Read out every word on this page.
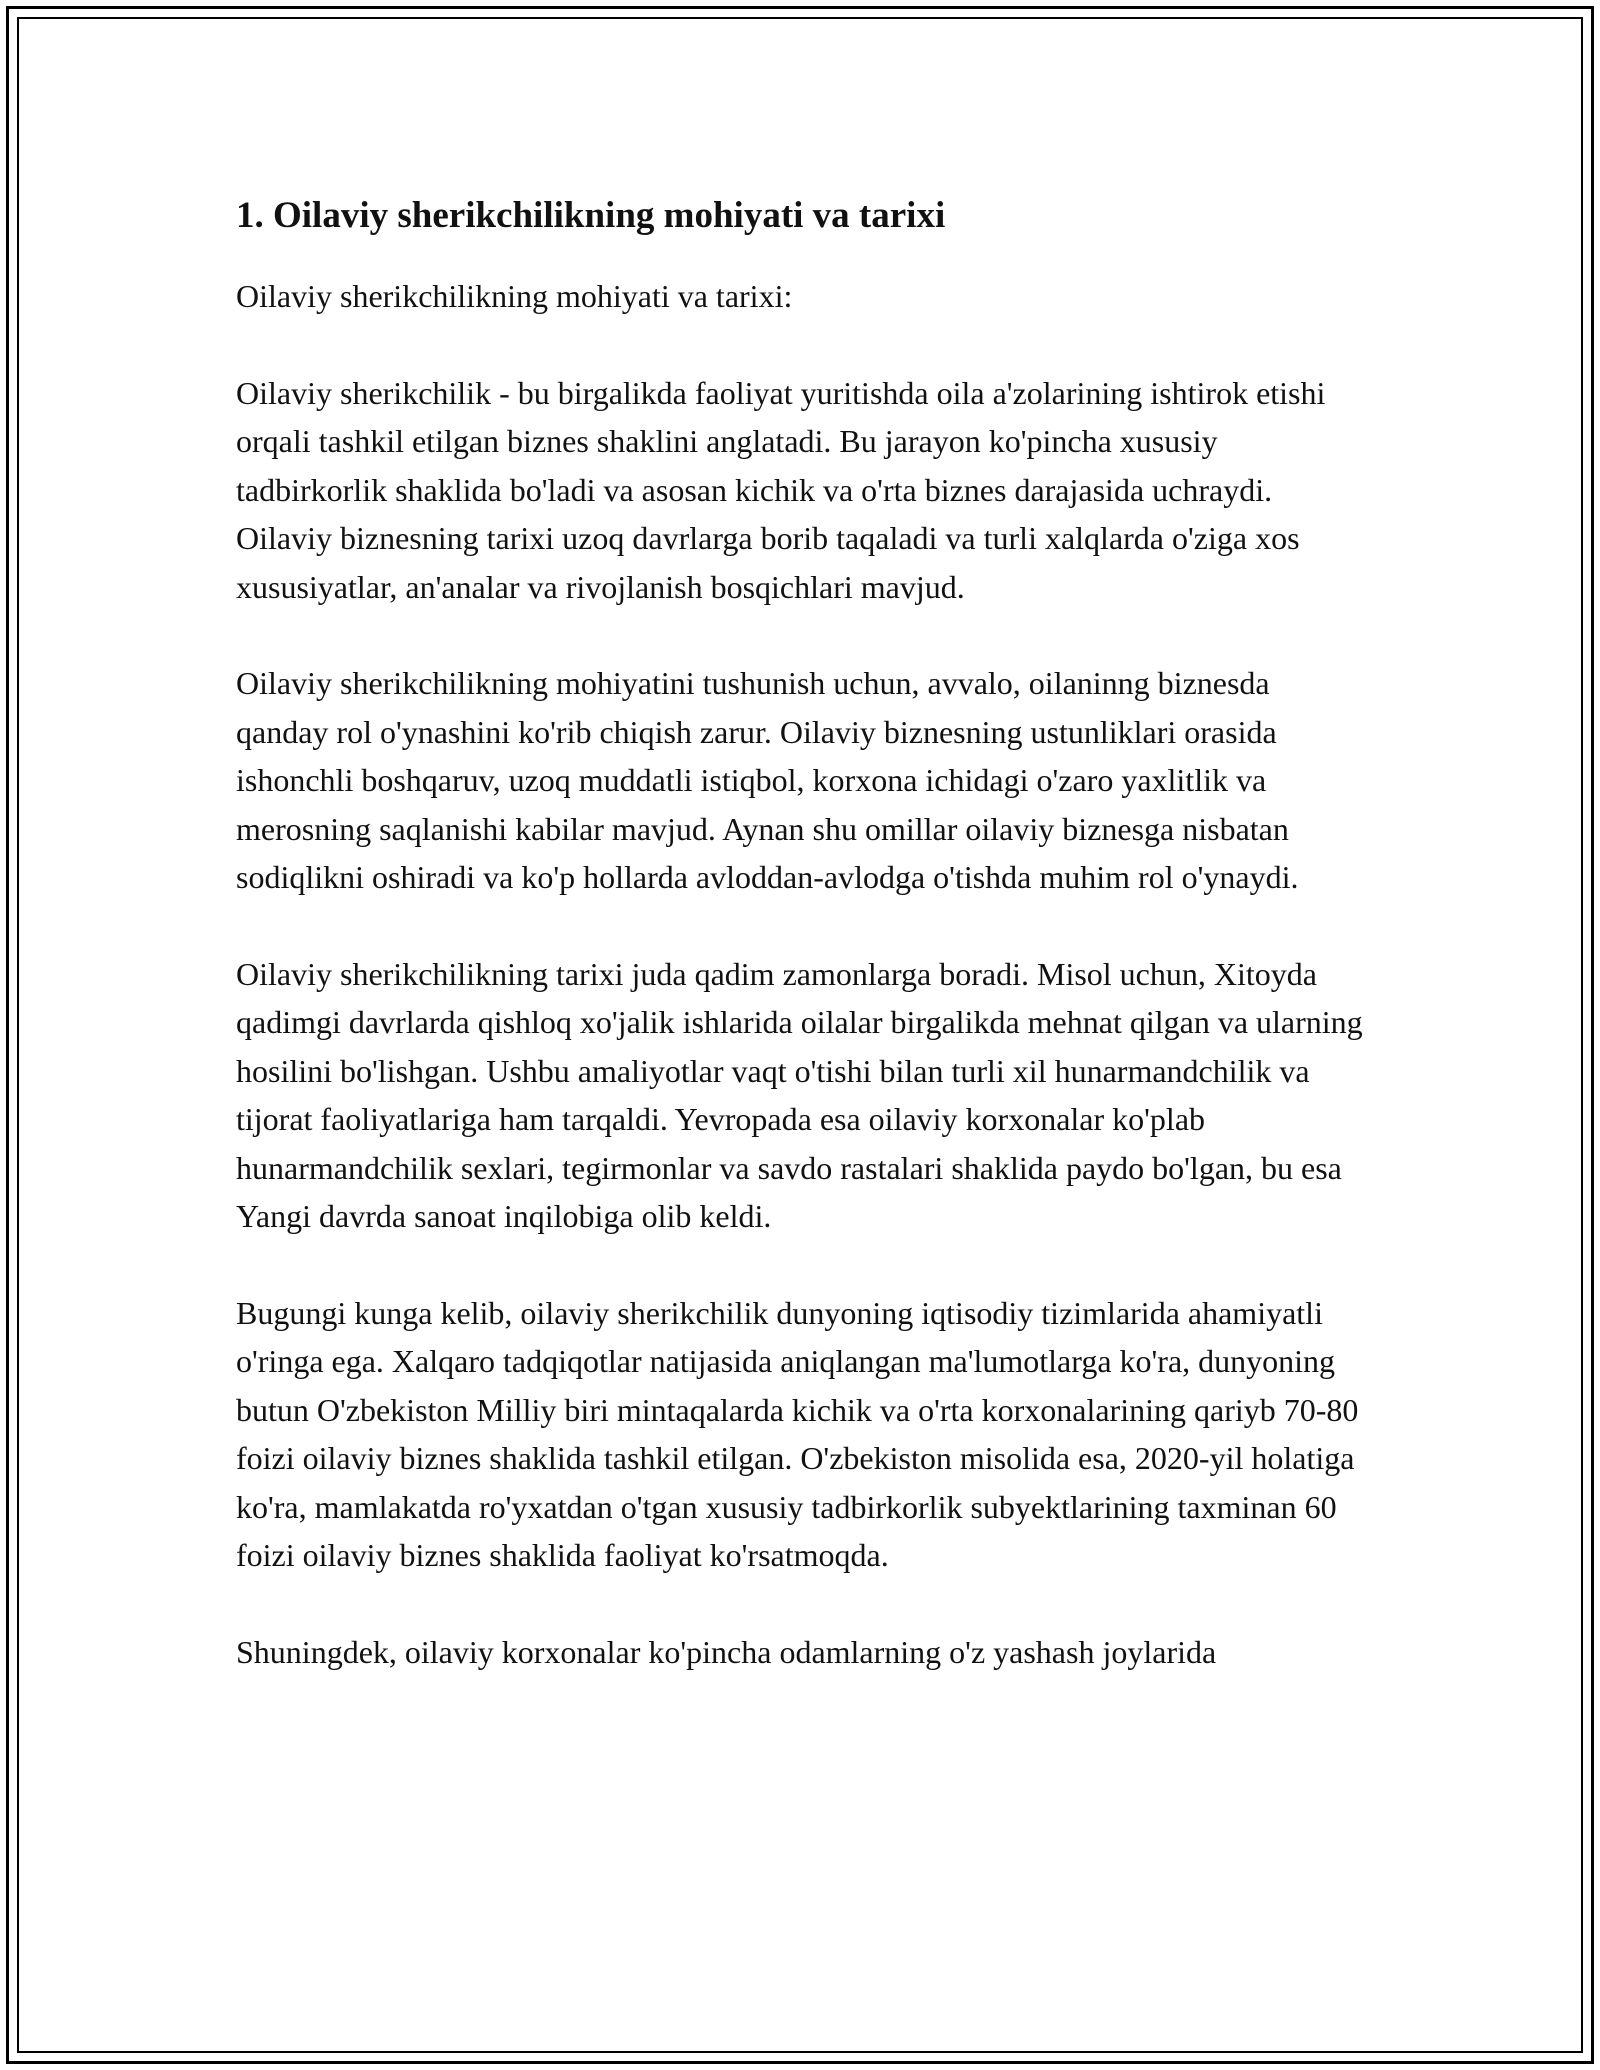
1. Oilaviy sherikchilikning mohiyati va tarixi

Oilaviy sherikchilikning mohiyati va tarixi:

Oilaviy sherikchilik - bu birgalikda faoliyat yuritishda oila a'zolarining ishtirok etishi orqali tashkil etilgan biznes shaklini anglatadi. Bu jarayon ko'pincha xususiy tadbirkorlik shaklida bo'ladi va asosan kichik va o'rta biznes darajasida uchraydi. Oilaviy biznesning tarixi uzoq davrlarga borib taqaladi va turli xalqlarda o'ziga xos xususiyatlar, an'analar va rivojlanish bosqichlari mavjud.

Oilaviy sherikchilikning mohiyatini tushunish uchun, avvalo, oilaninng biznesda qanday rol o'ynashini ko'rib chiqish zarur. Oilaviy biznesning ustunliklari orasida ishonchli boshqaruv, uzoq muddatli istiqbol, korxona ichidagi o'zaro yaxlitlik va merosning saqlanishi kabilar mavjud. Aynan shu omillar oilaviy biznesga nisbatan sodiqlikni oshiradi va ko'p hollarda avloddan-avlodga o'tishda muhim rol o'ynaydi.

Oilaviy sherikchilikning tarixi juda qadim zamonlarga boradi. Misol uchun, Xitoyda qadimgi davrlarda qishloq xo'jalik ishlarida oilalar birgalikda mehnat qilgan va ularning hosilini bo'lishgan. Ushbu amaliyotlar vaqt o'tishi bilan turli xil hunarmandchilik va tijorat faoliyatlariga ham tarqaldi. Yevropada esa oilaviy korxonalar ko'plab hunarmandchilik sexlari, tegirmonlar va savdo rastalari shaklida paydo bo'lgan, bu esa Yangi davrda sanoat inqilobiga olib keldi.

Bugungi kunga kelib, oilaviy sherikchilik dunyoning iqtisodiy tizimlarida ahamiyatli o'ringa ega. Xalqaro tadqiqotlar natijasida aniqlangan ma'lumotlarga ko'ra, dunyoning butun O'zbekiston Milliy biri mintaqalarda kichik va o'rta korxonalarining qariyb 70-80 foizi oilaviy biznes shaklida tashkil etilgan. O'zbekiston misolida esa, 2020-yil holatiga ko'ra, mamlakatda ro'yxatdan o'tgan xususiy tadbirkorlik subyektlarining taxminan 60 foizi oilaviy biznes shaklida faoliyat ko'rsatmoqda.

Shuningdek, oilaviy korxonalar ko'pincha odamlarning o'z yashash joylarida
